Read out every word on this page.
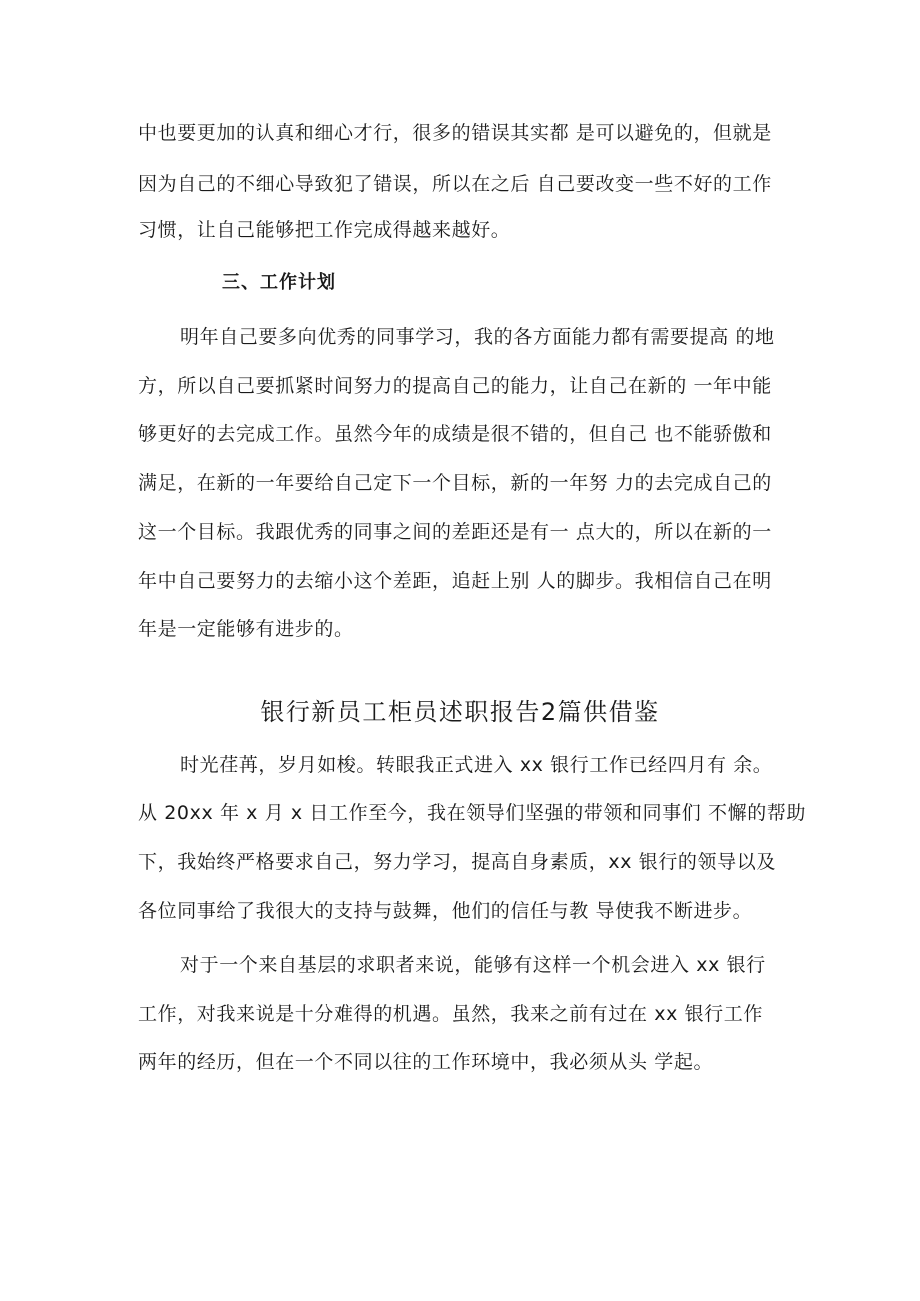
中也要更加的认真和细心才行，很多的错误其实都 是可以避免的，但就是
因为自己的不细心导致犯了错误，所以在之后 自己要改变一些不好的工作
习惯，让自己能够把工作完成得越来越好。
三、工作计划
明年自己要多向优秀的同事学习，我的各方面能力都有需要提高 的地
方，所以自己要抓紧时间努力的提高自己的能力，让自己在新的 一年中能
够更好的去完成工作。虽然今年的成绩是很不错的，但自己 也不能骄傲和
满足，在新的一年要给自己定下一个目标，新的一年努 力的去完成自己的
这一个目标。我跟优秀的同事之间的差距还是有一 点大的，所以在新的一
年中自己要努力的去缩小这个差距，追赶上别 人的脚步。我相信自己在明
年是一定能够有进步的。
银行新员工柜员述职报告2篇供借鉴
时光荏苒，岁月如梭。转眼我正式进入 xx 银行工作已经四月有 余。
从 20xx 年 x 月 x 日工作至今，我在领导们坚强的带领和同事们 不懈的帮助
下，我始终严格要求自己，努力学习，提高自身素质，xx 银行的领导以及
各位同事给了我很大的支持与鼓舞，他们的信任与教 导使我不断进步。
对于一个来自基层的求职者来说，能够有这样一个机会进入 xx 银行
工作，对我来说是十分难得的机遇。虽然，我来之前有过在 xx 银行工作
两年的经历，但在一个不同以往的工作环境中，我必须从头 学起。
